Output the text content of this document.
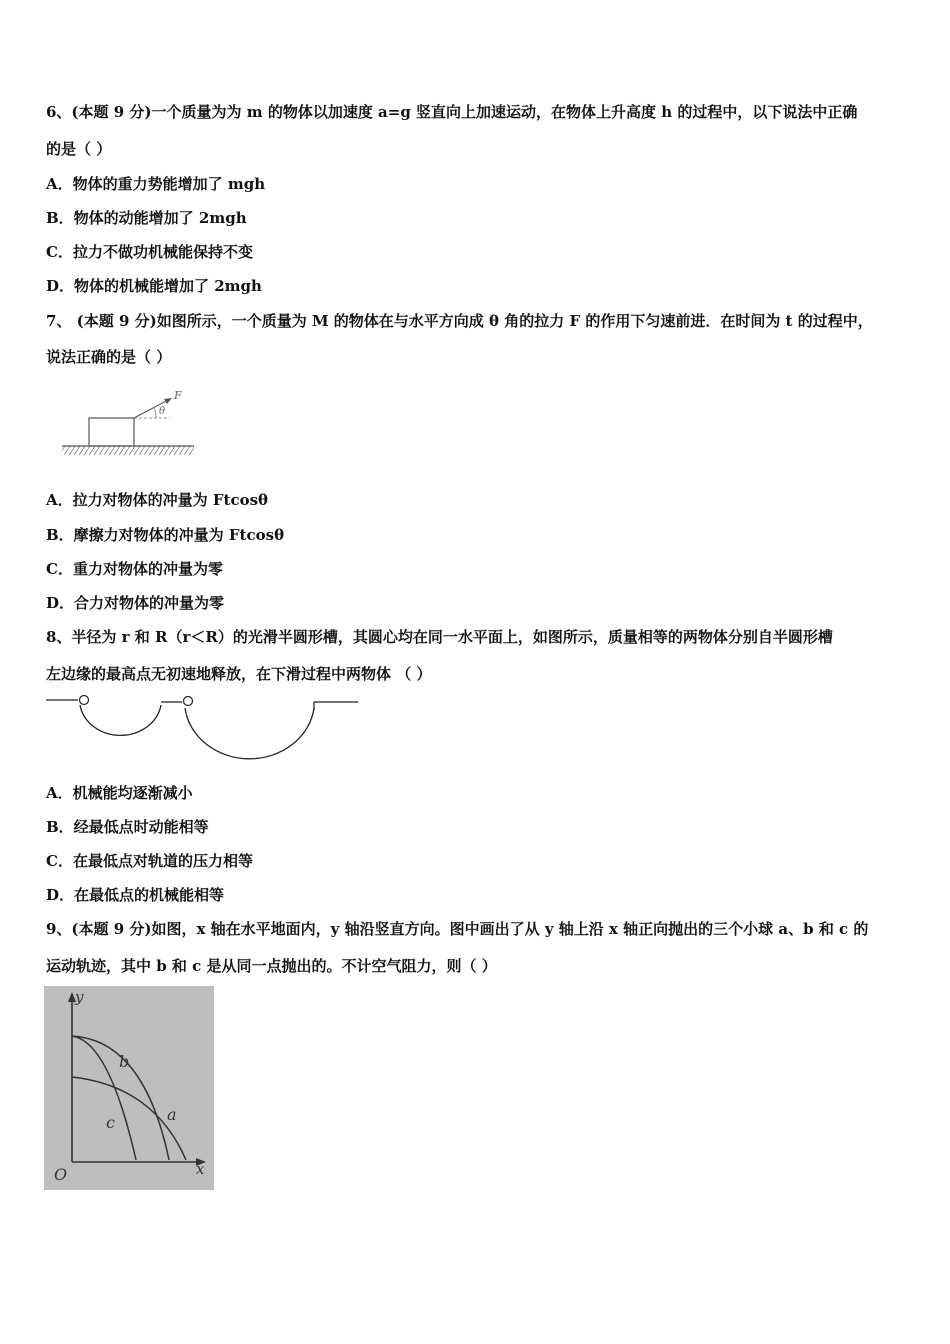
6、(本题 9 分)一个质量为为 m 的物体以加速度 a=g 竖直向上加速运动，在物体上升高度 h 的过程中，以下说法中正确
的是（ ）
A．物体的重力势能增加了 mgh
B．物体的动能增加了 2mgh
C．拉力不做功机械能保持不变
D．物体的机械能增加了 2mgh
7、 (本题 9 分)如图所示，一个质量为 M 的物体在与水平方向成 θ 角的拉力 F 的作用下匀速前进．在时间为 t 的过程中，
说法正确的是（ ）
θ
F
A．拉力对物体的冲量为 Ftcosθ
B．摩擦力对物体的冲量为 Ftcosθ
C．重力对物体的冲量为零
D．合力对物体的冲量为零
8、半径为 r 和 R（r＜R）的光滑半圆形槽，其圆心均在同一水平面上，如图所示，质量相等的两物体分别自半圆形槽
左边缘的最高点无初速地释放，在下滑过程中两物体 （ ）
A．机械能均逐渐减小
B．经最低点时动能相等
C．在最低点对轨道的压力相等
D．在最低点的机械能相等
9、(本题 9 分)如图，x 轴在水平地面内，y 轴沿竖直方向。图中画出了从 y 轴上沿 x 轴正向抛出的三个小球 a、b 和 c 的
运动轨迹，其中 b 和 c 是从同一点抛出的。不计空气阻力，则（ ）
y
x
O
a
b
c
